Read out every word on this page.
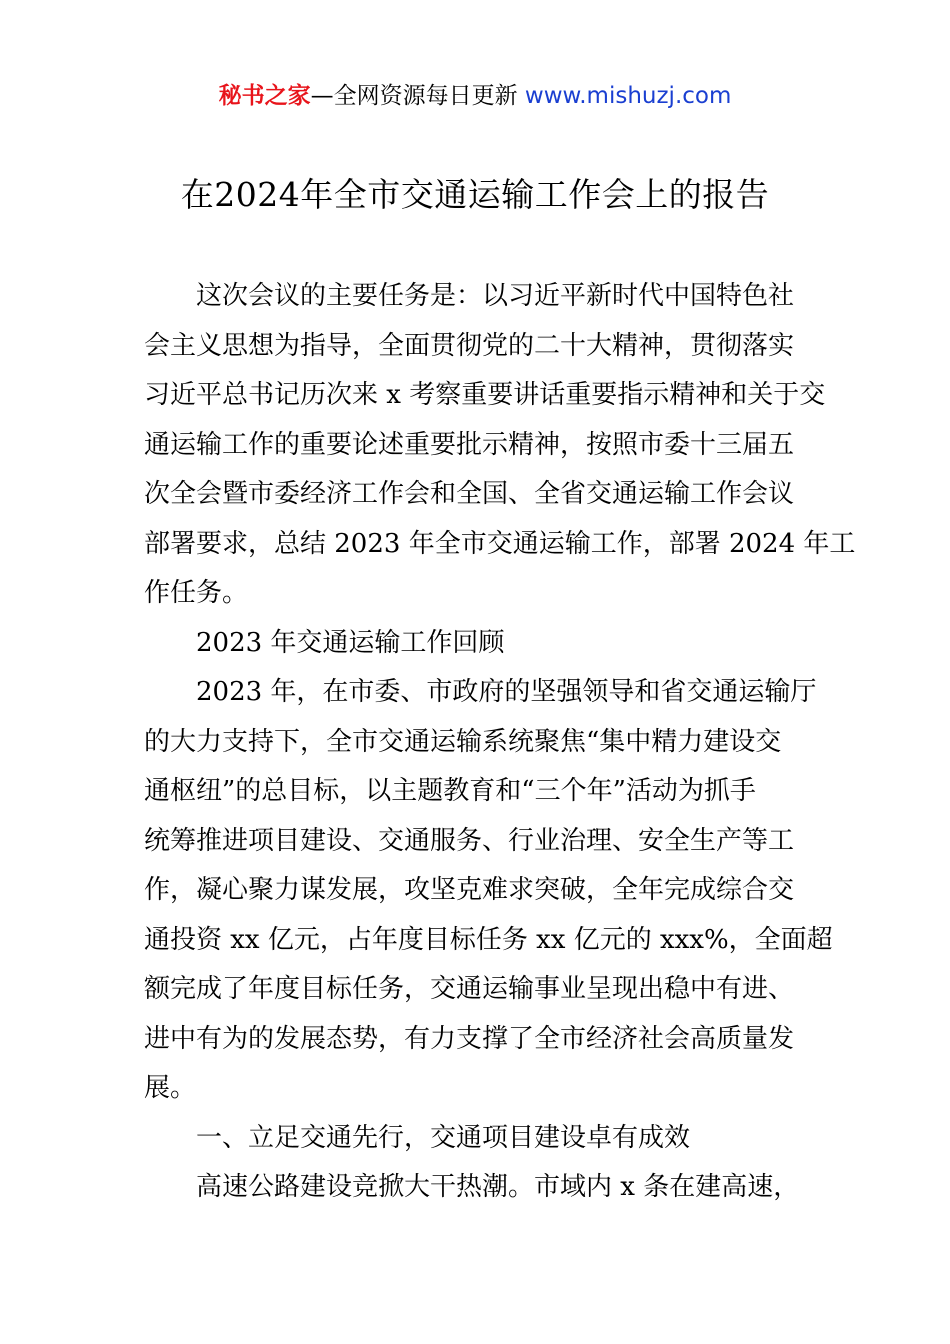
秘书之家—全网资源每日更新 www.mishuzj.com
在2024年全市交通运输工作会上的报告
这次会议的主要任务是：以习近平新时代中国特色社
会主义思想为指导，全面贯彻党的二十大精神，贯彻落实
习近平总书记历次来 x 考察重要讲话重要指示精神和关于交
通运输工作的重要论述重要批示精神，按照市委十三届五
次全会暨市委经济工作会和全国、全省交通运输工作会议
部署要求，总结 2023 年全市交通运输工作，部署 2024 年工
作任务。
2023 年交通运输工作回顾
2023 年，在市委、市政府的坚强领导和省交通运输厅
的大力支持下，全市交通运输系统聚焦“集中精力建设交
通枢纽”的总目标，以主题教育和“三个年”活动为抓手
统筹推进项目建设、交通服务、行业治理、安全生产等工
作，凝心聚力谋发展，攻坚克难求突破，全年完成综合交
通投资 xx 亿元，占年度目标任务 xx 亿元的 xxx%，全面超
额完成了年度目标任务，交通运输事业呈现出稳中有进、
进中有为的发展态势，有力支撑了全市经济社会高质量发
展。
一、立足交通先行，交通项目建设卓有成效
高速公路建设竞掀大干热潮。市域内 x 条在建高速，
